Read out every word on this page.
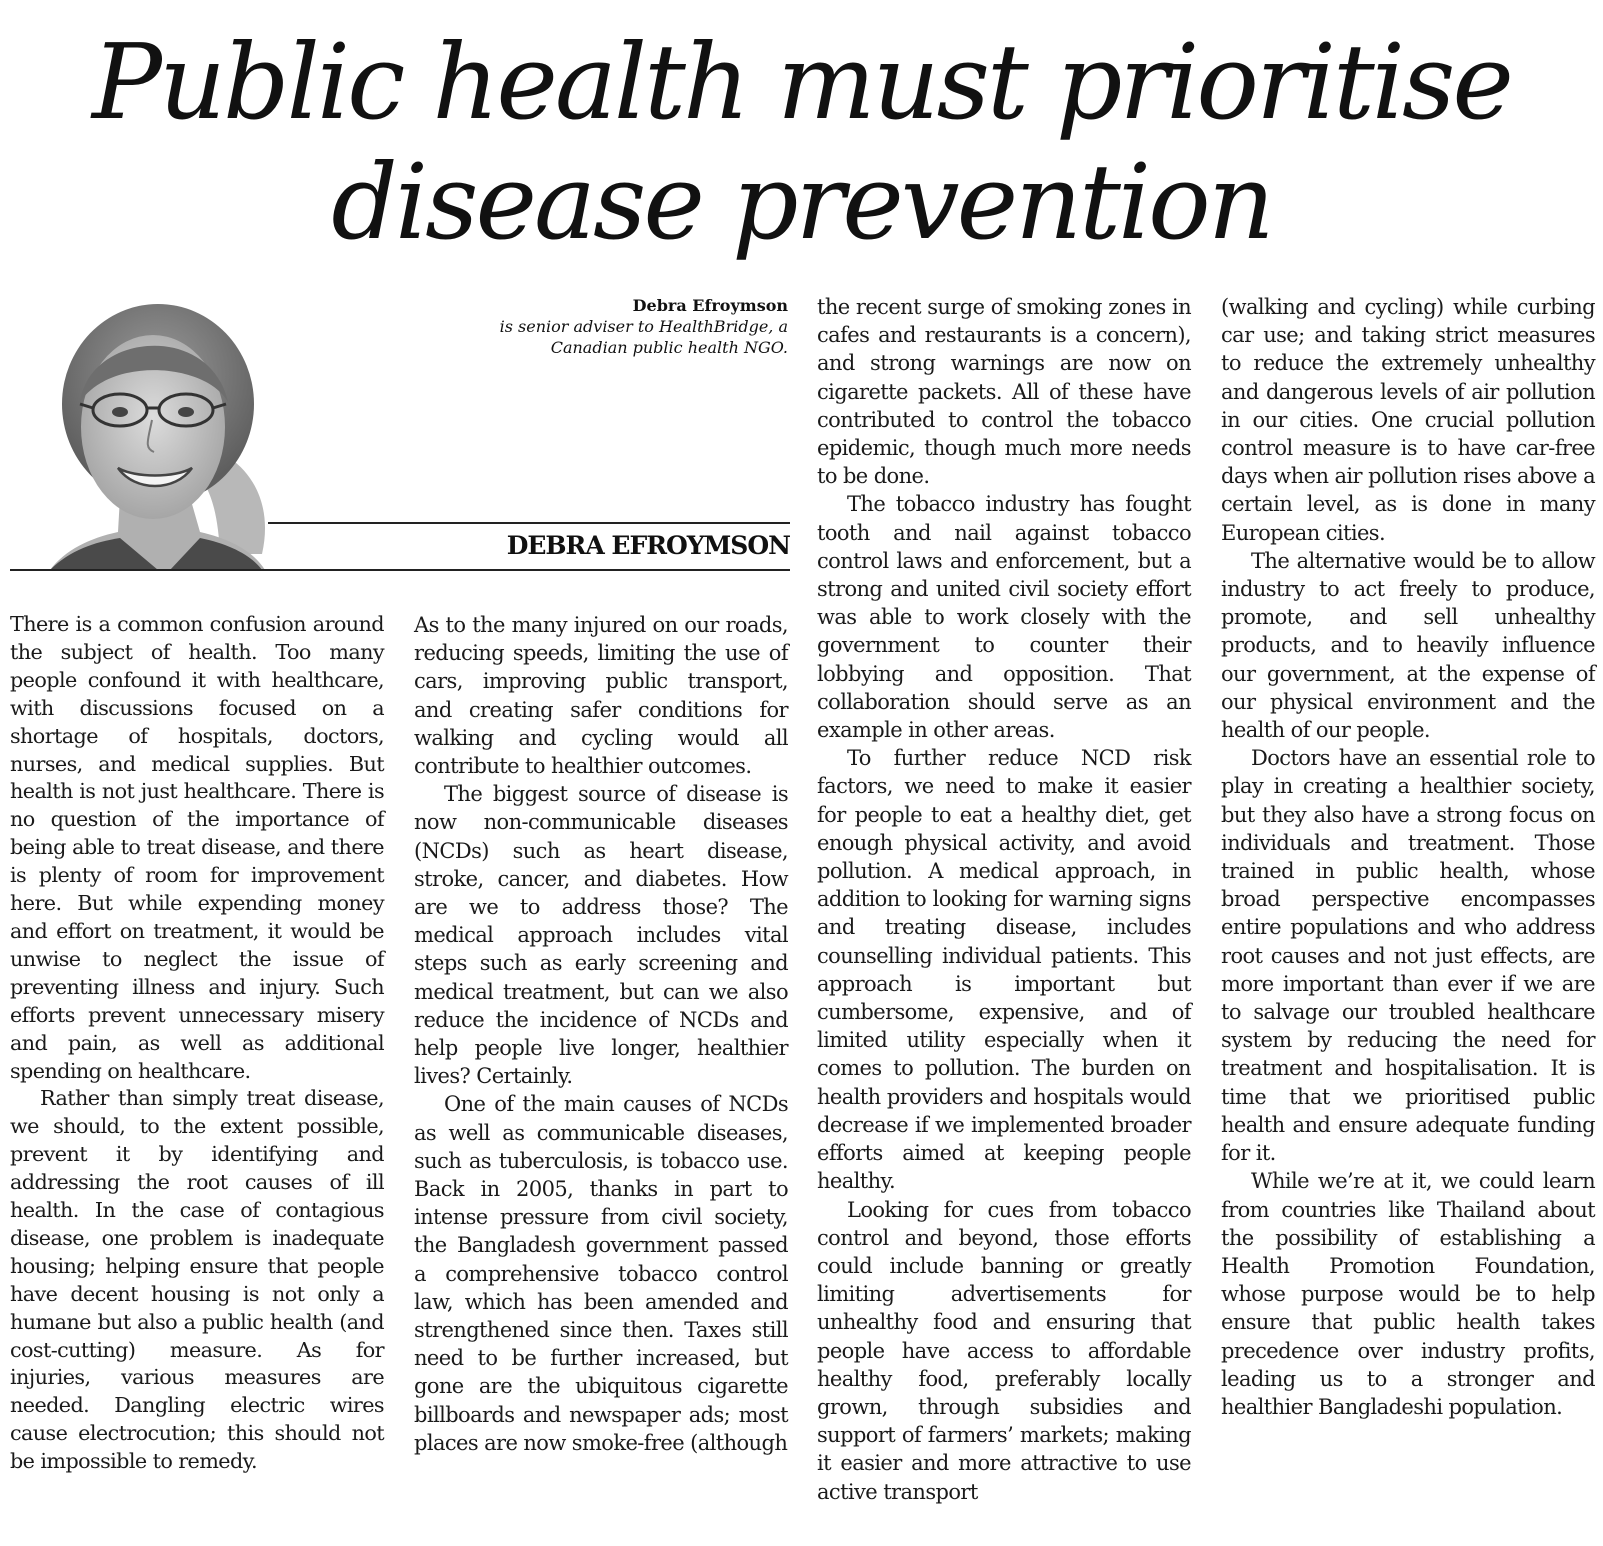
Public health must prioritise
disease prevention
Debra Efroymson
is senior adviser to HealthBridge, a
Canadian public health NGO.
DEBRA EFROYMSON

There is a common confusion around the subject of health. Too many people confound it with healthcare, with discussions focused on a shortage of hospitals, doctors, nurses, and medical supplies. But health is not just healthcare. There is no question of the importance of being able to treat disease, and there is plenty of room for improvement here. But while expending money and effort on treatment, it would be unwise to neglect the issue of preventing illness and injury. Such efforts prevent unnecessary misery and pain, as well as additional spending on healthcare.

Rather than simply treat disease, we should, to the extent possible, prevent it by identifying and addressing the root causes of ill health. In the case of contagious disease, one problem is inadequate housing; helping ensure that people have decent housing is not only a humane but also a public health (and cost-cutting) measure. As for injuries, various measures are needed. Dangling electric wires cause electrocution; this should not be impossible to remedy.

As to the many injured on our roads, reducing speeds, limiting the use of cars, improving public transport, and creating safer conditions for walking and cycling would all contribute to healthier outcomes.

The biggest source of disease is now non-communicable diseases (NCDs) such as heart disease, stroke, cancer, and diabetes. How are we to address those? The medical approach includes vital steps such as early screening and medical treatment, but can we also reduce the incidence of NCDs and help people live longer, healthier lives? Certainly.

One of the main causes of NCDs as well as communicable diseases, such as tuberculosis, is tobacco use. Back in 2005, thanks in part to intense pressure from civil society, the Bangladesh government passed a comprehensive tobacco control law, which has been amended and strengthened since then. Taxes still need to be further increased, but gone are the ubiquitous cigarette billboards and newspaper ads; most places are now smoke-free (although

the recent surge of smoking zones in cafes and restaurants is a concern), and strong warnings are now on cigarette packets. All of these have contributed to control the tobacco epidemic, though much more needs to be done.

The tobacco industry has fought tooth and nail against tobacco control laws and enforcement, but a strong and united civil society effort was able to work closely with the government to counter their lobbying and opposition. That collaboration should serve as an example in other areas.

To further reduce NCD risk factors, we need to make it easier for people to eat a healthy diet, get enough physical activity, and avoid pollution. A medical approach, in addition to looking for warning signs and treating disease, includes counselling individual patients. This approach is important but cumbersome, expensive, and of limited utility especially when it comes to pollution. The burden on health providers and hospitals would decrease if we implemented broader efforts aimed at keeping people healthy.

Looking for cues from tobacco control and beyond, those efforts could include banning or greatly limiting advertisements for unhealthy food and ensuring that people have access to affordable healthy food, preferably locally grown, through subsidies and support of farmers’ markets; making it easier and more attractive to use active transport

(walking and cycling) while curbing car use; and taking strict measures to reduce the extremely unhealthy and dangerous levels of air pollution in our cities. One crucial pollution control measure is to have car-free days when air pollution rises above a certain level, as is done in many European cities.

The alternative would be to allow industry to act freely to produce, promote, and sell unhealthy products, and to heavily influence our government, at the expense of our physical environment and the health of our people.

Doctors have an essential role to play in creating a healthier society, but they also have a strong focus on individuals and treatment. Those trained in public health, whose broad perspective encompasses entire populations and who address root causes and not just effects, are more important than ever if we are to salvage our troubled healthcare system by reducing the need for treatment and hospitalisation. It is time that we prioritised public health and ensure adequate funding for it.

While we’re at it, we could learn from countries like Thailand about the possibility of establishing a Health Promotion Foundation, whose purpose would be to help ensure that public health takes precedence over industry profits, leading us to a stronger and healthier Bangladeshi population.
